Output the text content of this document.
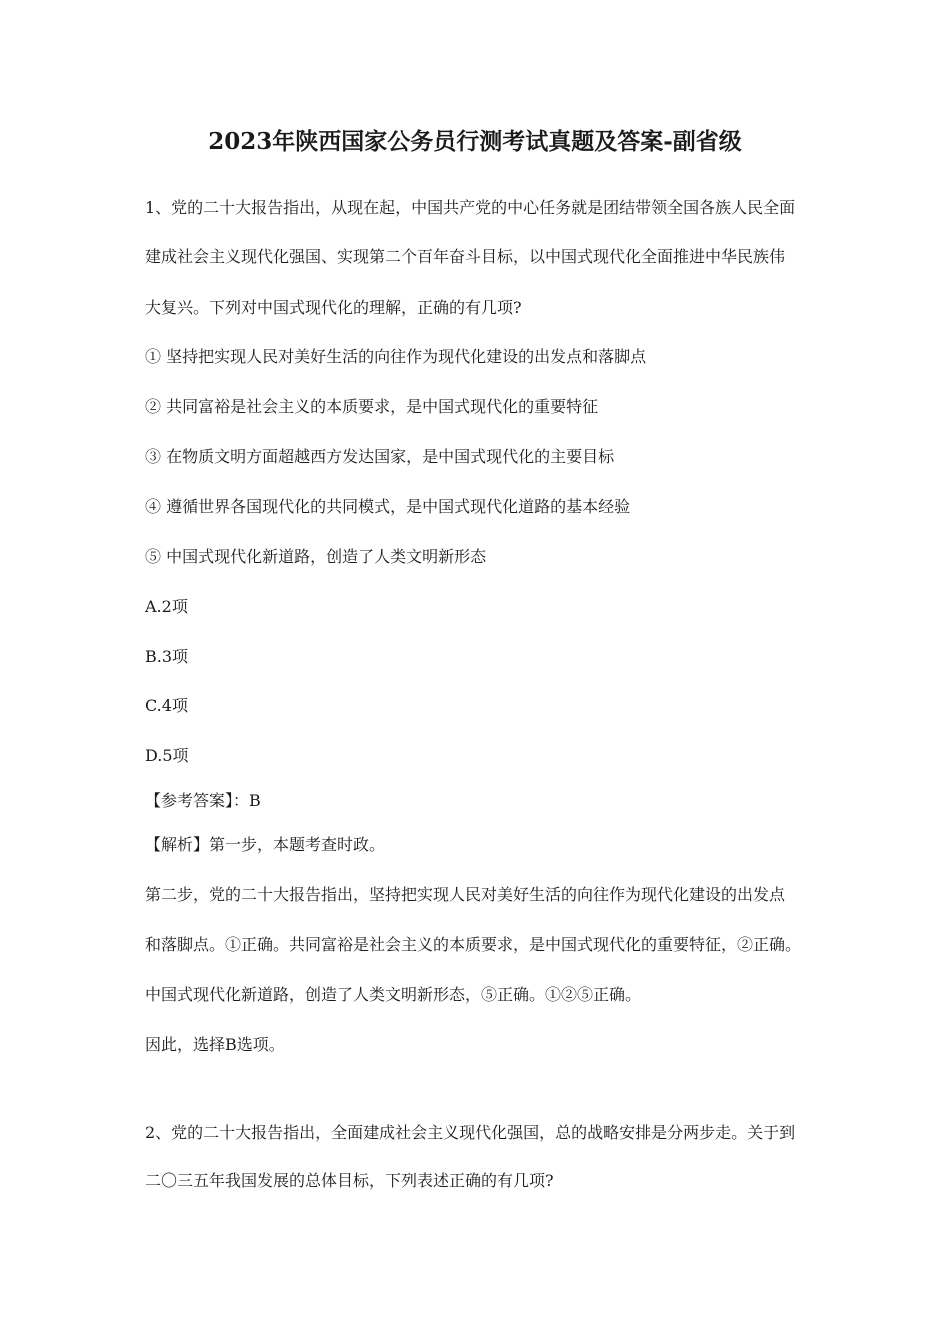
2023年陕西国家公务员行测考试真题及答案-副省级
1、党的二十大报告指出，从现在起，中国共产党的中心任务就是团结带领全国各族人民全面
建成社会主义现代化强国、实现第二个百年奋斗目标，以中国式现代化全面推进中华民族伟
大复兴。下列对中国式现代化的理解，正确的有几项?
① 坚持把实现人民对美好生活的向往作为现代化建设的出发点和落脚点
② 共同富裕是社会主义的本质要求，是中国式现代化的重要特征
③ 在物质文明方面超越西方发达国家，是中国式现代化的主要目标
④ 遵循世界各国现代化的共同模式，是中国式现代化道路的基本经验
⑤ 中国式现代化新道路，创造了人类文明新形态
A.2项
B.3项
C.4项
D.5项
【参考答案】：B
【解析】第一步，本题考查时政。
第二步，党的二十大报告指出，坚持把实现人民对美好生活的向往作为现代化建设的出发点
和落脚点。①正确。共同富裕是社会主义的本质要求，是中国式现代化的重要特征，②正确。
中国式现代化新道路，创造了人类文明新形态，⑤正确。①②⑤正确。
因此，选择B选项。
2、党的二十大报告指出，全面建成社会主义现代化强国，总的战略安排是分两步走。关于到
二〇三五年我国发展的总体目标，下列表述正确的有几项?
